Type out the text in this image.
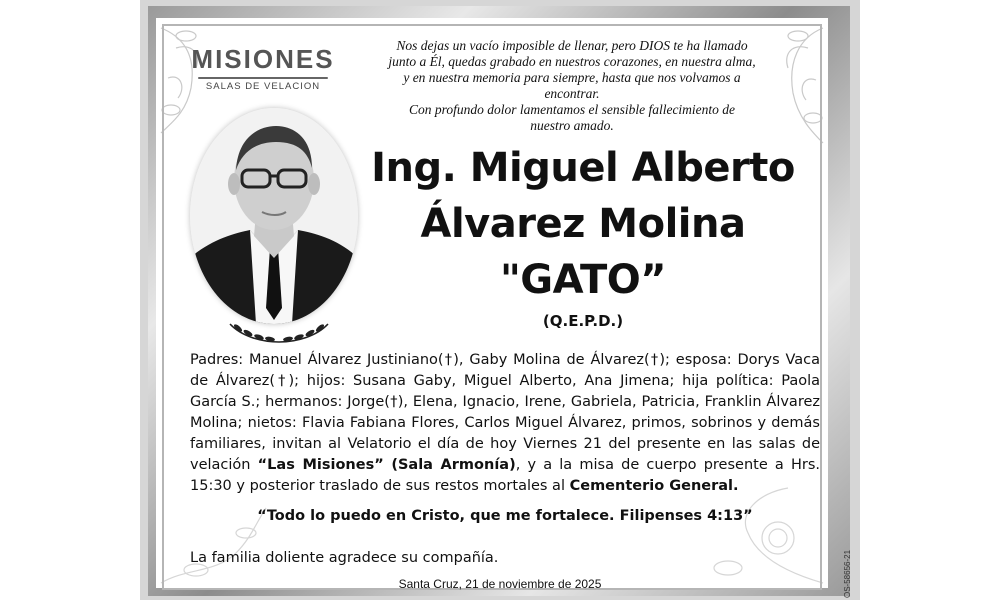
MISIONES
SALAS DE VELACION
Nos dejas un vacío imposible de llenar, pero DIOS te ha llamado
junto a Él, quedas grabado en nuestros corazones, en nuestra alma,
y en nuestra memoria para siempre, hasta que nos volvamos a
encontrar.
Con profundo dolor lamentamos el sensible fallecimiento de
nuestro amado.
Ing. Miguel Alberto
Álvarez Molina
"GATO”
(Q.E.P.D.)
Padres: Manuel Álvarez Justiniano(†), Gaby Molina de Álvarez(†); esposa: Dorys Vaca de Álvarez(†); hijos: Susana Gaby, Miguel Alberto, Ana Jimena; hija política: Paola García S.; hermanos: Jorge(†), Elena, Ignacio, Irene, Gabriela, Patricia, Franklin Álvarez Molina; nietos: Flavia Fabiana Flores, Carlos Miguel Álvarez, primos, sobrinos y demás familiares, invitan al Velatorio el día de hoy Viernes 21 del presente en las salas de velación “Las Misiones” (Sala Armonía), y a la misa de cuerpo presente a Hrs. 15:30 y posterior traslado de sus restos mortales al Cementerio General.
“Todo lo puedo en Cristo, que me fortalece. Filipenses 4:13”
La familia doliente agradece su compañía.
Santa Cruz, 21 de noviembre de 2025	OS-58656-21
